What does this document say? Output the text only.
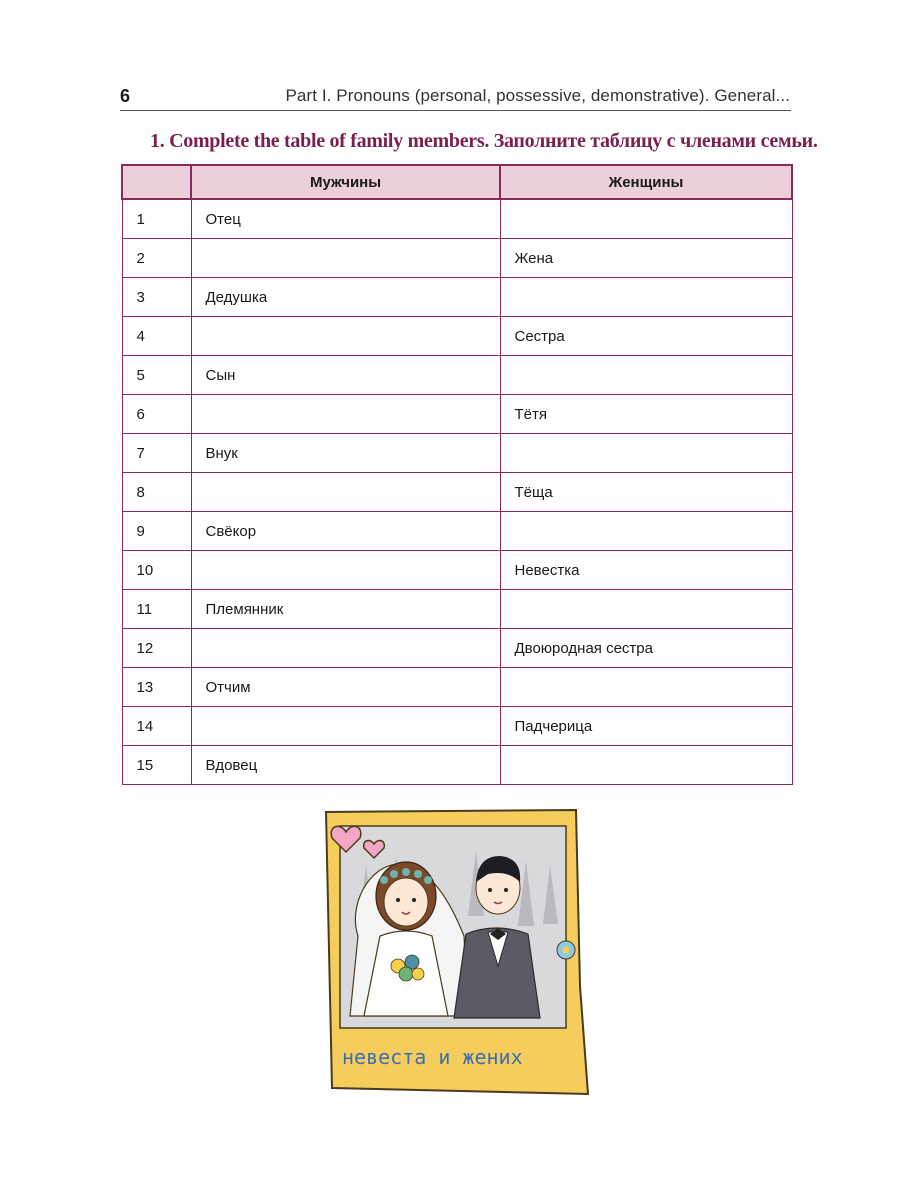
6	Part I. Pronouns (personal, possessive, demonstrative). General...
1. Complete the table of family members. Заполните таблицу с членами семьи.
	Мужчины	Женщины
1	Отец	
2		Жена
3	Дедушка	
4		Сестра
5	Сын	
6		Тётя
7	Внук	
8		Тёща
9	Свёкор	
10		Невестка
11	Племянник	
12		Двоюродная сестра
13	Отчим	
14		Падчерица
15	Вдовец	
невеста и жених
